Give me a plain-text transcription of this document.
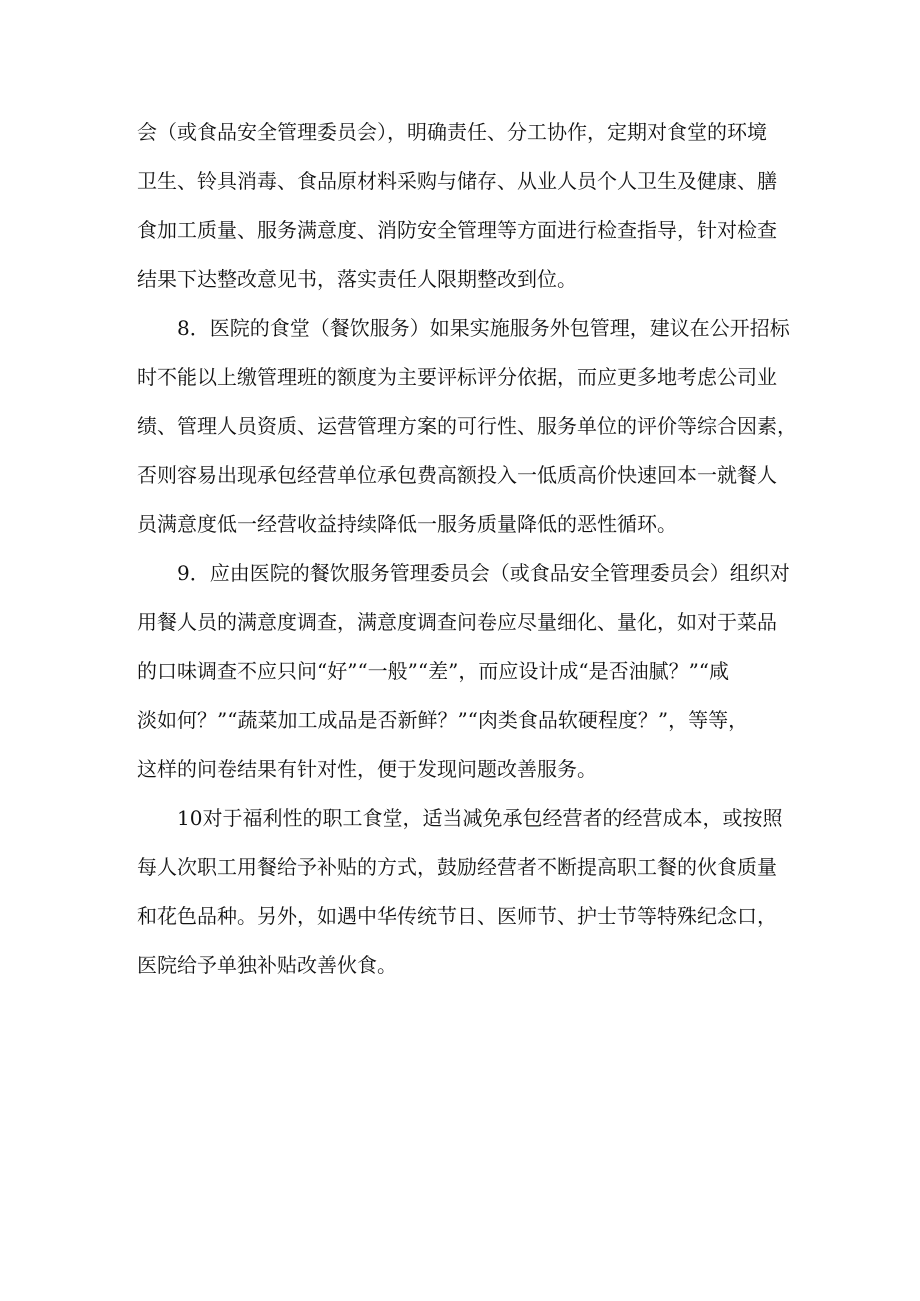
会（或食品安全管理委员会），明确责任、分工协作，定期对食堂的环境
卫生、铃具消毒、食品原材料采购与储存、从业人员个人卫生及健康、膳
食加工质量、服务满意度、消防安全管理等方面进行检查指导，针对检查
结果下达整改意见书，落实责任人限期整改到位。
8．医院的食堂（餐饮服务）如果实施服务外包管理，建议在公开招标
时不能以上缴管理班的额度为主要评标评分依据，而应更多地考虑公司业
绩、管理人员资质、运营管理方案的可行性、服务单位的评价等综合因素，
否则容易出现承包经营单位承包费高额投入一低质高价快速回本一就餐人
员满意度低一经营收益持续降低一服务质量降低的恶性循环。
9．应由医院的餐饮服务管理委员会（或食品安全管理委员会）组织对
用餐人员的满意度调查，满意度调查问卷应尽量细化、量化，如对于菜品
的口味调查不应只问“好”“一般”“差”，而应设计成“是否油腻？”“咸
淡如何？”“蔬菜加工成品是否新鲜？”“肉类食品软硬程度？”，等等，
这样的问卷结果有针对性，便于发现问题改善服务。
10对于福利性的职工食堂，适当减免承包经营者的经营成本，或按照
每人次职工用餐给予补贴的方式，鼓励经营者不断提高职工餐的伙食质量
和花色品种。另外，如遇中华传统节日、医师节、护士节等特殊纪念口，
医院给予单独补贴改善伙食。
